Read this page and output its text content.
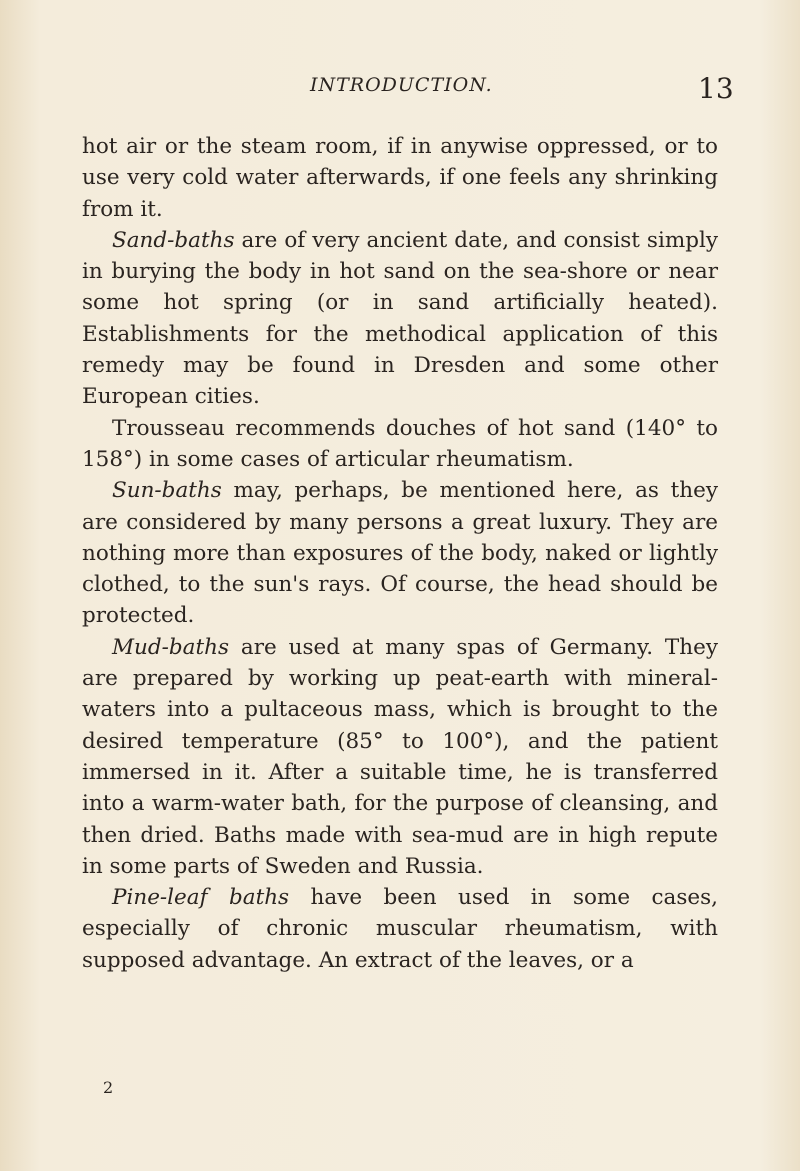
INTRODUCTION.	13

hot air or the steam room, if in anywise oppressed, or to use very cold water afterwards, if one feels any shrinking from it.

Sand-baths are of very ancient date, and consist simply in burying the body in hot sand on the sea-shore or near some hot spring (or in sand artificially heated). Establishments for the methodical application of this remedy may be found in Dresden and some other European cities.

Trousseau recommends douches of hot sand (140° to 158°) in some cases of articular rheumatism.

Sun-baths may, perhaps, be mentioned here, as they are considered by many persons a great luxury. They are nothing more than exposures of the body, naked or lightly clothed, to the sun's rays. Of course, the head should be protected.

Mud-baths are used at many spas of Germany. They are prepared by working up peat-earth with mineral-waters into a pultaceous mass, which is brought to the desired temperature (85° to 100°), and the patient immersed in it. After a suitable time, he is transferred into a warm-water bath, for the purpose of cleansing, and then dried. Baths made with sea-mud are in high repute in some parts of Sweden and Russia.

Pine-leaf baths have been used in some cases, especially of chronic muscular rheumatism, with supposed advantage. An extract of the leaves, or a

2
